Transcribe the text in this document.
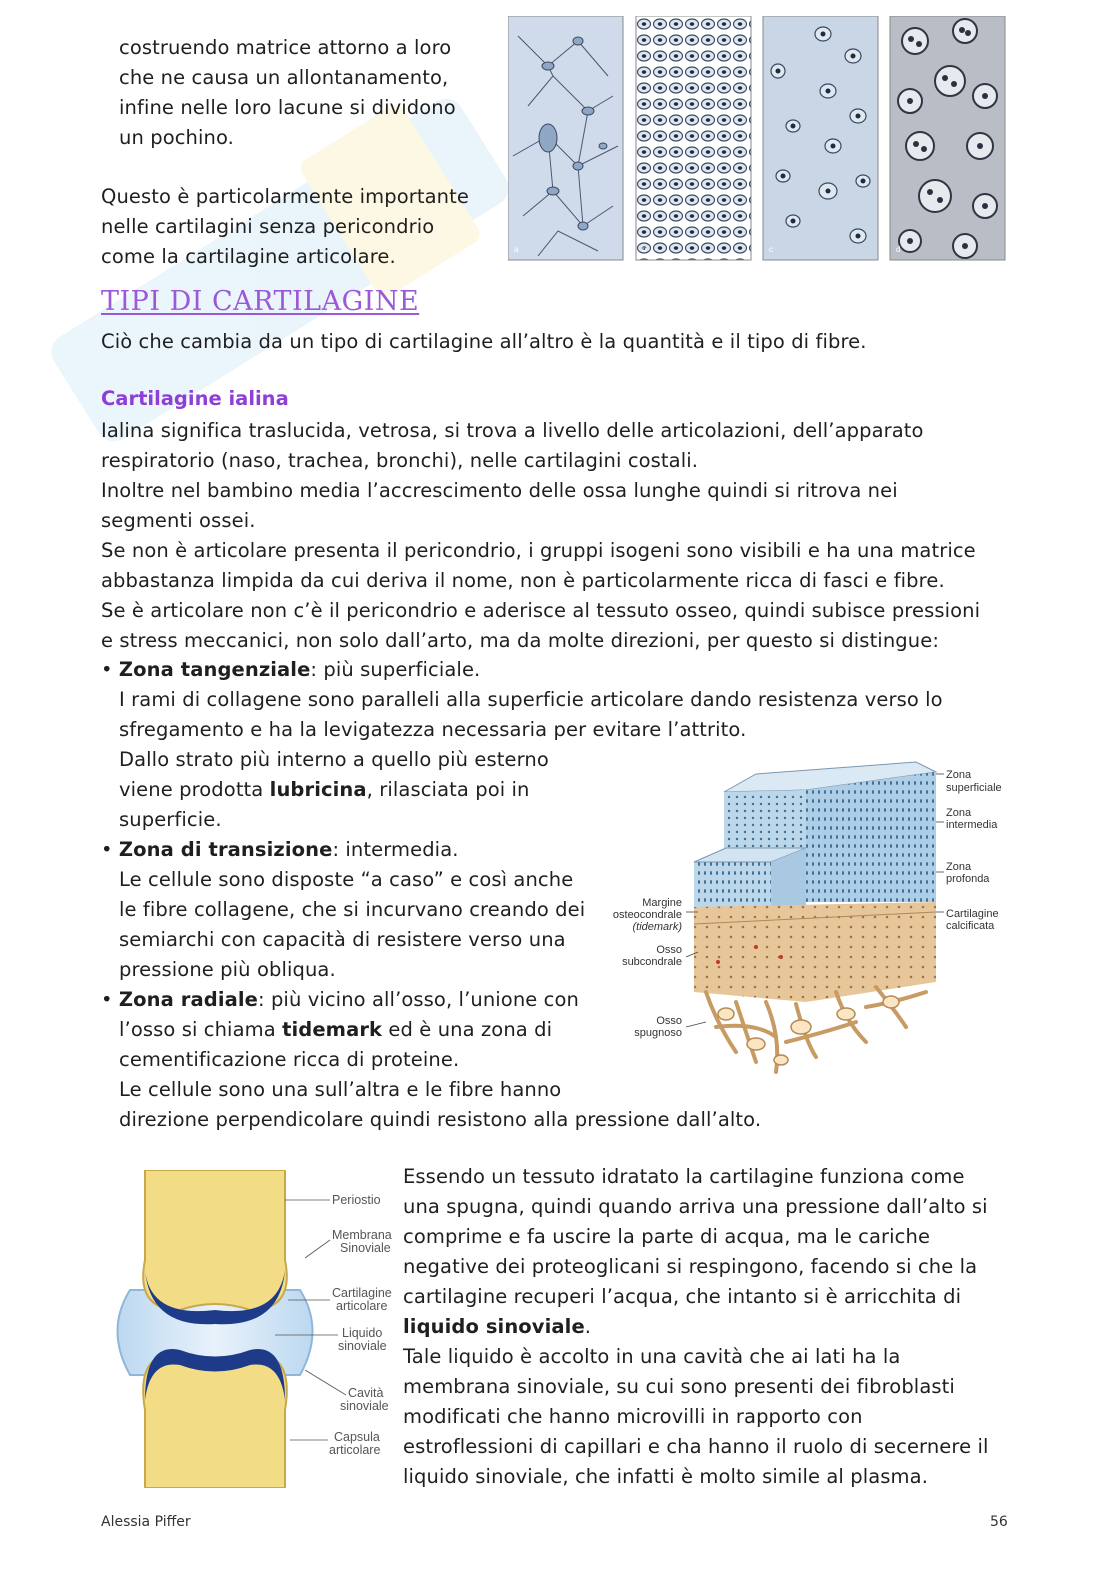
costruendo matrice attorno a loro

che ne causa un allontanamento,

infine nelle loro lacune si dividono

un pochino.

Questo è particolarmente importante

nelle cartilagini senza pericondrio

come la cartilagine articolare.	a	b	c	d
TIPI DI CARTILAGINE
Ciò che cambia da un tipo di cartilagine all’altro è la quantità e il tipo di fibre.
Cartilagine ialina

Ialina significa traslucida, vetrosa, si trova a livello delle articolazioni, dell’apparato

respiratorio (naso, trachea, bronchi), nelle cartilagini costali.

Inoltre nel bambino media l’accrescimento delle ossa lunghe quindi si ritrova nei

segmenti ossei.

Se non è articolare presenta il pericondrio, i gruppi isogeni sono visibili e ha una matrice

abbastanza limpida da cui deriva il nome, non è particolarmente ricca di fasci e fibre.

Se è articolare non c’è il pericondrio e aderisce al tessuto osseo, quindi subisce pressioni

e stress meccanici, non solo dall’arto, ma da molte direzioni, per questo si distingue:

• Zona tangenziale: più superficiale.

I rami di collagene sono paralleli alla superficie articolare dando resistenza verso lo

sfregamento e ha la levigatezza necessaria per evitare l’attrito.

Dallo strato più interno a quello più esterno

viene prodotta lubricina, rilasciata poi in

superficie.

• Zona di transizione: intermedia.

Le cellule sono disposte “a caso” e così anche

le fibre collagene, che si incurvano creando dei

semiarchi con capacità di resistere verso una

pressione più obliqua.

• Zona radiale: più vicino all’osso, l’unione con

l’osso si chiama tidemark ed è una zona di

cementificazione ricca di proteine.

Le cellule sono una sull’altra e le fibre hanno

direzione perpendicolare quindi resistono alla pressione dall’alto.

Zona
superficiale
Zona
intermedia
Zona
profonda
Cartilagine
calcificata
Margine
osteocondrale
(tidemark)
Osso
subcondrale
Osso
spugnoso
Periostio
Membrana
Sinoviale
Cartilagine
articolare
Liquido
sinoviale
Cavità
sinoviale
Capsula
articolare

Essendo un tessuto idratato la cartilagine funziona come

una spugna, quindi quando arriva una pressione dall’alto si

comprime e fa uscire la parte di acqua, ma le cariche

negative dei proteoglicani si respingono, facendo si che la

cartilagine recuperi l’acqua, che intanto si è arricchita di

liquido sinoviale.

Tale liquido è accolto in una cavità che ai lati ha la

membrana sinoviale, su cui sono presenti dei fibroblasti

modificati che hanno microvilli in rapporto con

estroflessioni di capillari e cha hanno il ruolo di secernere il

liquido sinoviale, che infatti è molto simile al plasma.

Alessia Piffer	56
